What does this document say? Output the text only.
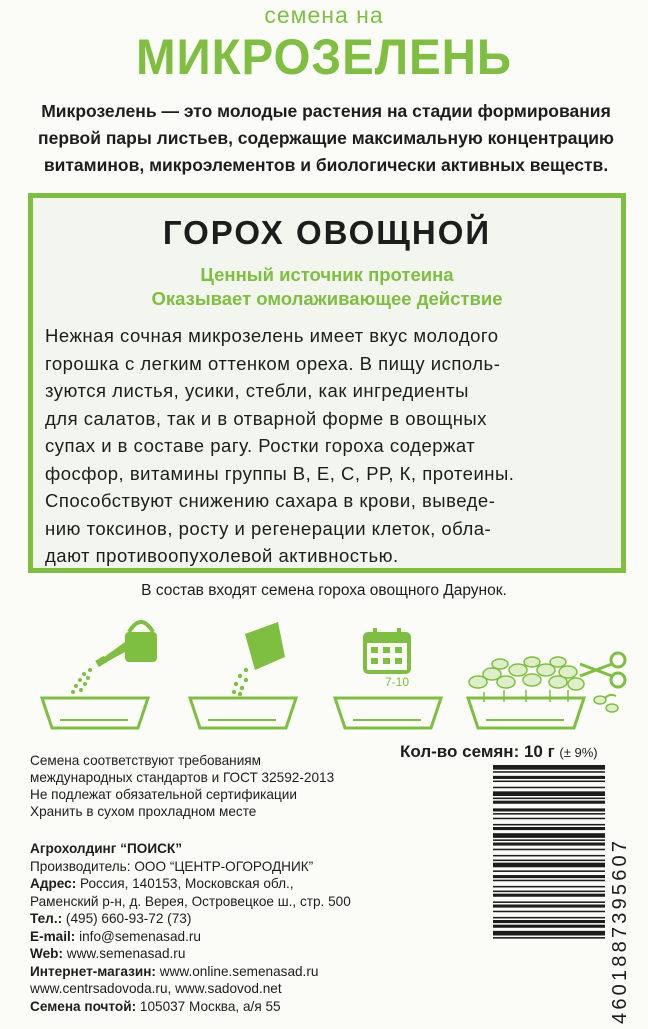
семена на
МИКРОЗЕЛЕНЬ
Микрозелень — это молодые растения на стадии формирования
первой пары листьев, содержащие максимальную концентрацию
витаминов, микроэлементов и биологически активных веществ.
ГОРОХ ОВОЩНОЙ
Ценный источник протеина
Оказывает омолаживающее действие
Нежная сочная микрозелень имеет вкус молодого
горошка с легким оттенком ореха. В пищу исполь-
зуются листья, усики, стебли, как ингредиенты
для салатов, так и в отварной форме в овощных
супах и в составе рагу. Ростки гороха содержат
фосфор, витамины группы В, Е, С, РР, К, протеины.
Способствуют снижению сахара в крови, выведе-
нию токсинов, росту и регенерации клеток, обла-
дают противоопухолевой активностью.
В состав входят семена гороха овощного Дарунок.
7-10
Семена соответствуют требованиям
международных стандартов и ГОСТ 32592-2013
Не подлежат обязательной сертификации
Хранить в сухом прохладном месте
Кол-во семян: 10 г (± 9%)
Агрохолдинг “ПОИСК”
Производитель: ООО “ЦЕНТР-ОГОРОДНИК”
Адрес: Россия, 140153, Московская обл.,
Раменский р-н, д. Верея, Островецкое ш., стр. 500
Тел.: (495) 660-93-72 (73)
E-mail: info@semenasad.ru
Web: www.semenasad.ru
Интернет-магазин: www.online.semenasad.ru
www.centrsadovoda.ru, www.sadovod.net
Семена почтой: 105037 Москва, а/я 55	4601887395607
